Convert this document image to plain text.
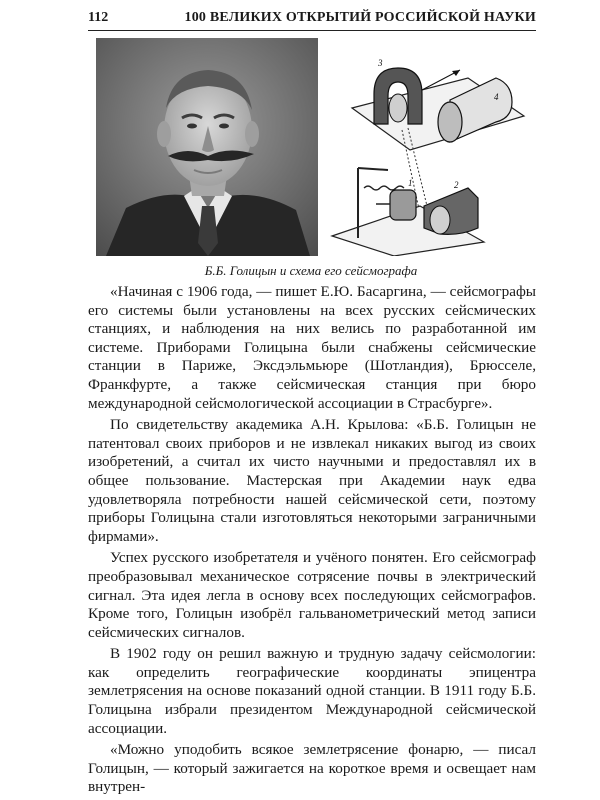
112	100 ВЕЛИКИХ ОТКРЫТИЙ РОССИЙСКОЙ НАУКИ
3
4
1	2
Б.Б. Голицын и схема его сейсмографа

«Начиная с 1906 года, — пишет Е.Ю. Басаргина, — сейсмографы его системы были установлены на всех русских сейсмических станциях, и наблюдения на них велись по разработанной им системе. Приборами Голицына были снабжены сейсмические станции в Париже, Эксдэльмьюре (Шотландия), Брюсселе, Франкфурте, а также сейсмическая станция при бюро международной сейсмологической ассоциации в Страсбурге».

По свидетельству академика А.Н. Крылова: «Б.Б. Голицын не патентовал своих приборов и не извлекал никаких выгод из своих изобретений, а считал их чисто научными и предоставлял их в общее пользование. Мастерская при Академии наук едва удовлетворяла потребности нашей сейсмической сети, поэтому приборы Голицына стали изготовляться некоторыми заграничными фирмами».

Успех русского изобретателя и учёного понятен. Его сейсмограф преобразовывал механическое сотрясение почвы в электрический сигнал. Эта идея легла в основу всех последующих сейсмографов. Кроме того, Голицын изобрёл гальванометрический метод записи сейсмических сигналов.

В 1902 году он решил важную и трудную задачу сейсмологии: как определить географические координаты эпицентра землетрясения на основе показаний одной станции. В 1911 году Б.Б. Голицына избрали президентом Международной сейсмической ассоциации.

«Можно уподобить всякое землетрясение фонарю, — писал Голицын, — который зажигается на короткое время и освещает нам внутрен-
